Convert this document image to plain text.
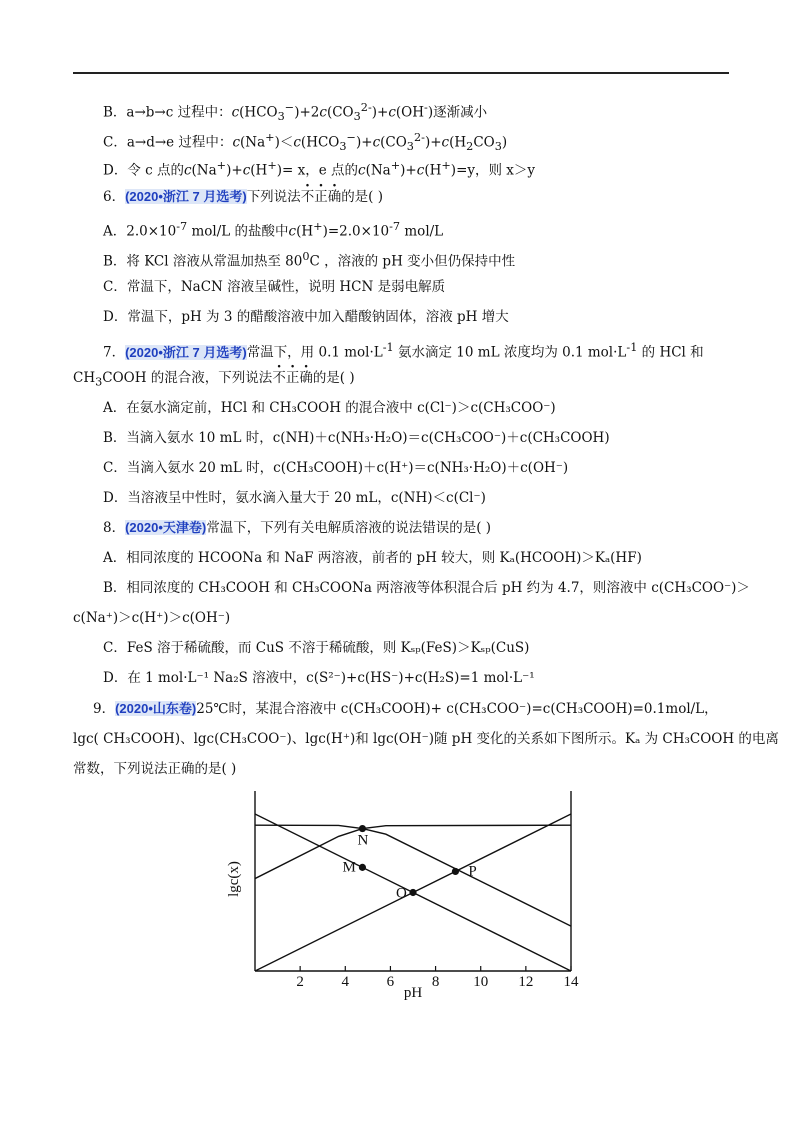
B．a→b→c 过程中：$c(HCO_3^-)+2c(CO_3^{2-})+c(OH^-)$逐渐减小
C．a→d→e 过程中：$c(Na^+)<c(HCO_3^-)+c(CO_3^{2-})+c(H_2CO_3)$
D．令 c 点的c(Na+)+c(H+)= x，e 点的c(Na+)+c(H+)=y，则 x＞y
6．(2020•浙江 7 月选考)下列说法不正确的是( )
A．$2.0\times 10^{-7}$ mol/L 的盐酸中$c(H^+)=2.0\times 10^{-7}$ mol/L
B．将 KCl 溶液从常温加热至 $80^0C$ ，溶液的 pH 变小但仍保持中性
C．常温下，NaCN 溶液呈碱性，说明 HCN 是弱电解质
D．常温下，pH 为 3 的醋酸溶液中加入醋酸钠固体，溶液 pH 增大
7．(2020•浙江 7 月选考)常温下，用 0.1 $mol\cdot L^{-1}$ 氨水滴定 10 mL 浓度均为 0.1 $mol\cdot L^{-1}$ 的 HCl 和
$CH_3COOH$ 的混合液，下列说法不正确的是( )
A．在氨水滴定前，HCl 和 CH₃COOH 的混合液中 c(Cl⁻)＞c(CH₃COO⁻)
B．当滴入氨水 10 mL 时，c(NH)＋c(NH₃·H₂O)＝c(CH₃COO⁻)＋c(CH₃COOH)
C．当滴入氨水 20 mL 时，c(CH₃COOH)＋c(H⁺)＝c(NH₃·H₂O)＋c(OH⁻)
D．当溶液呈中性时，氨水滴入量大于 20 mL，c(NH)＜c(Cl⁻)
8．(2020•天津卷)常温下，下列有关电解质溶液的说法错误的是( )
A．相同浓度的 HCOONa 和 NaF 两溶液，前者的 pH 较大，则 Kₐ(HCOOH)＞Kₐ(HF)
B．相同浓度的 CH₃COOH 和 CH₃COONa 两溶液等体积混合后 pH 约为 4.7，则溶液中 c(CH₃COO⁻)＞
c(Na⁺)＞c(H⁺)＞c(OH⁻)
C．FeS 溶于稀硫酸，而 CuS 不溶于稀硫酸，则 Kₛₚ(FeS)＞Kₛₚ(CuS)
D．在 1 mol·L⁻¹ Na₂S 溶液中，c(S²⁻)+c(HS⁻)+c(H₂S)=1 mol·L⁻¹
9．(2020•山东卷)25℃时，某混合溶液中 c(CH₃COOH)+ c(CH₃COO⁻)=c(CH₃COOH)=0.1mol/L，
lgc( CH₃COOH)、lgc(CH₃COO⁻)、lgc(H⁺)和 lgc(OH⁻)随 pH 变化的关系如下图所示。Kₐ 为 CH₃COOH 的电离
常数，下列说法正确的是( )
M
N
O
P
2	4	6	8 10 12 14
pH
lgc(x)
